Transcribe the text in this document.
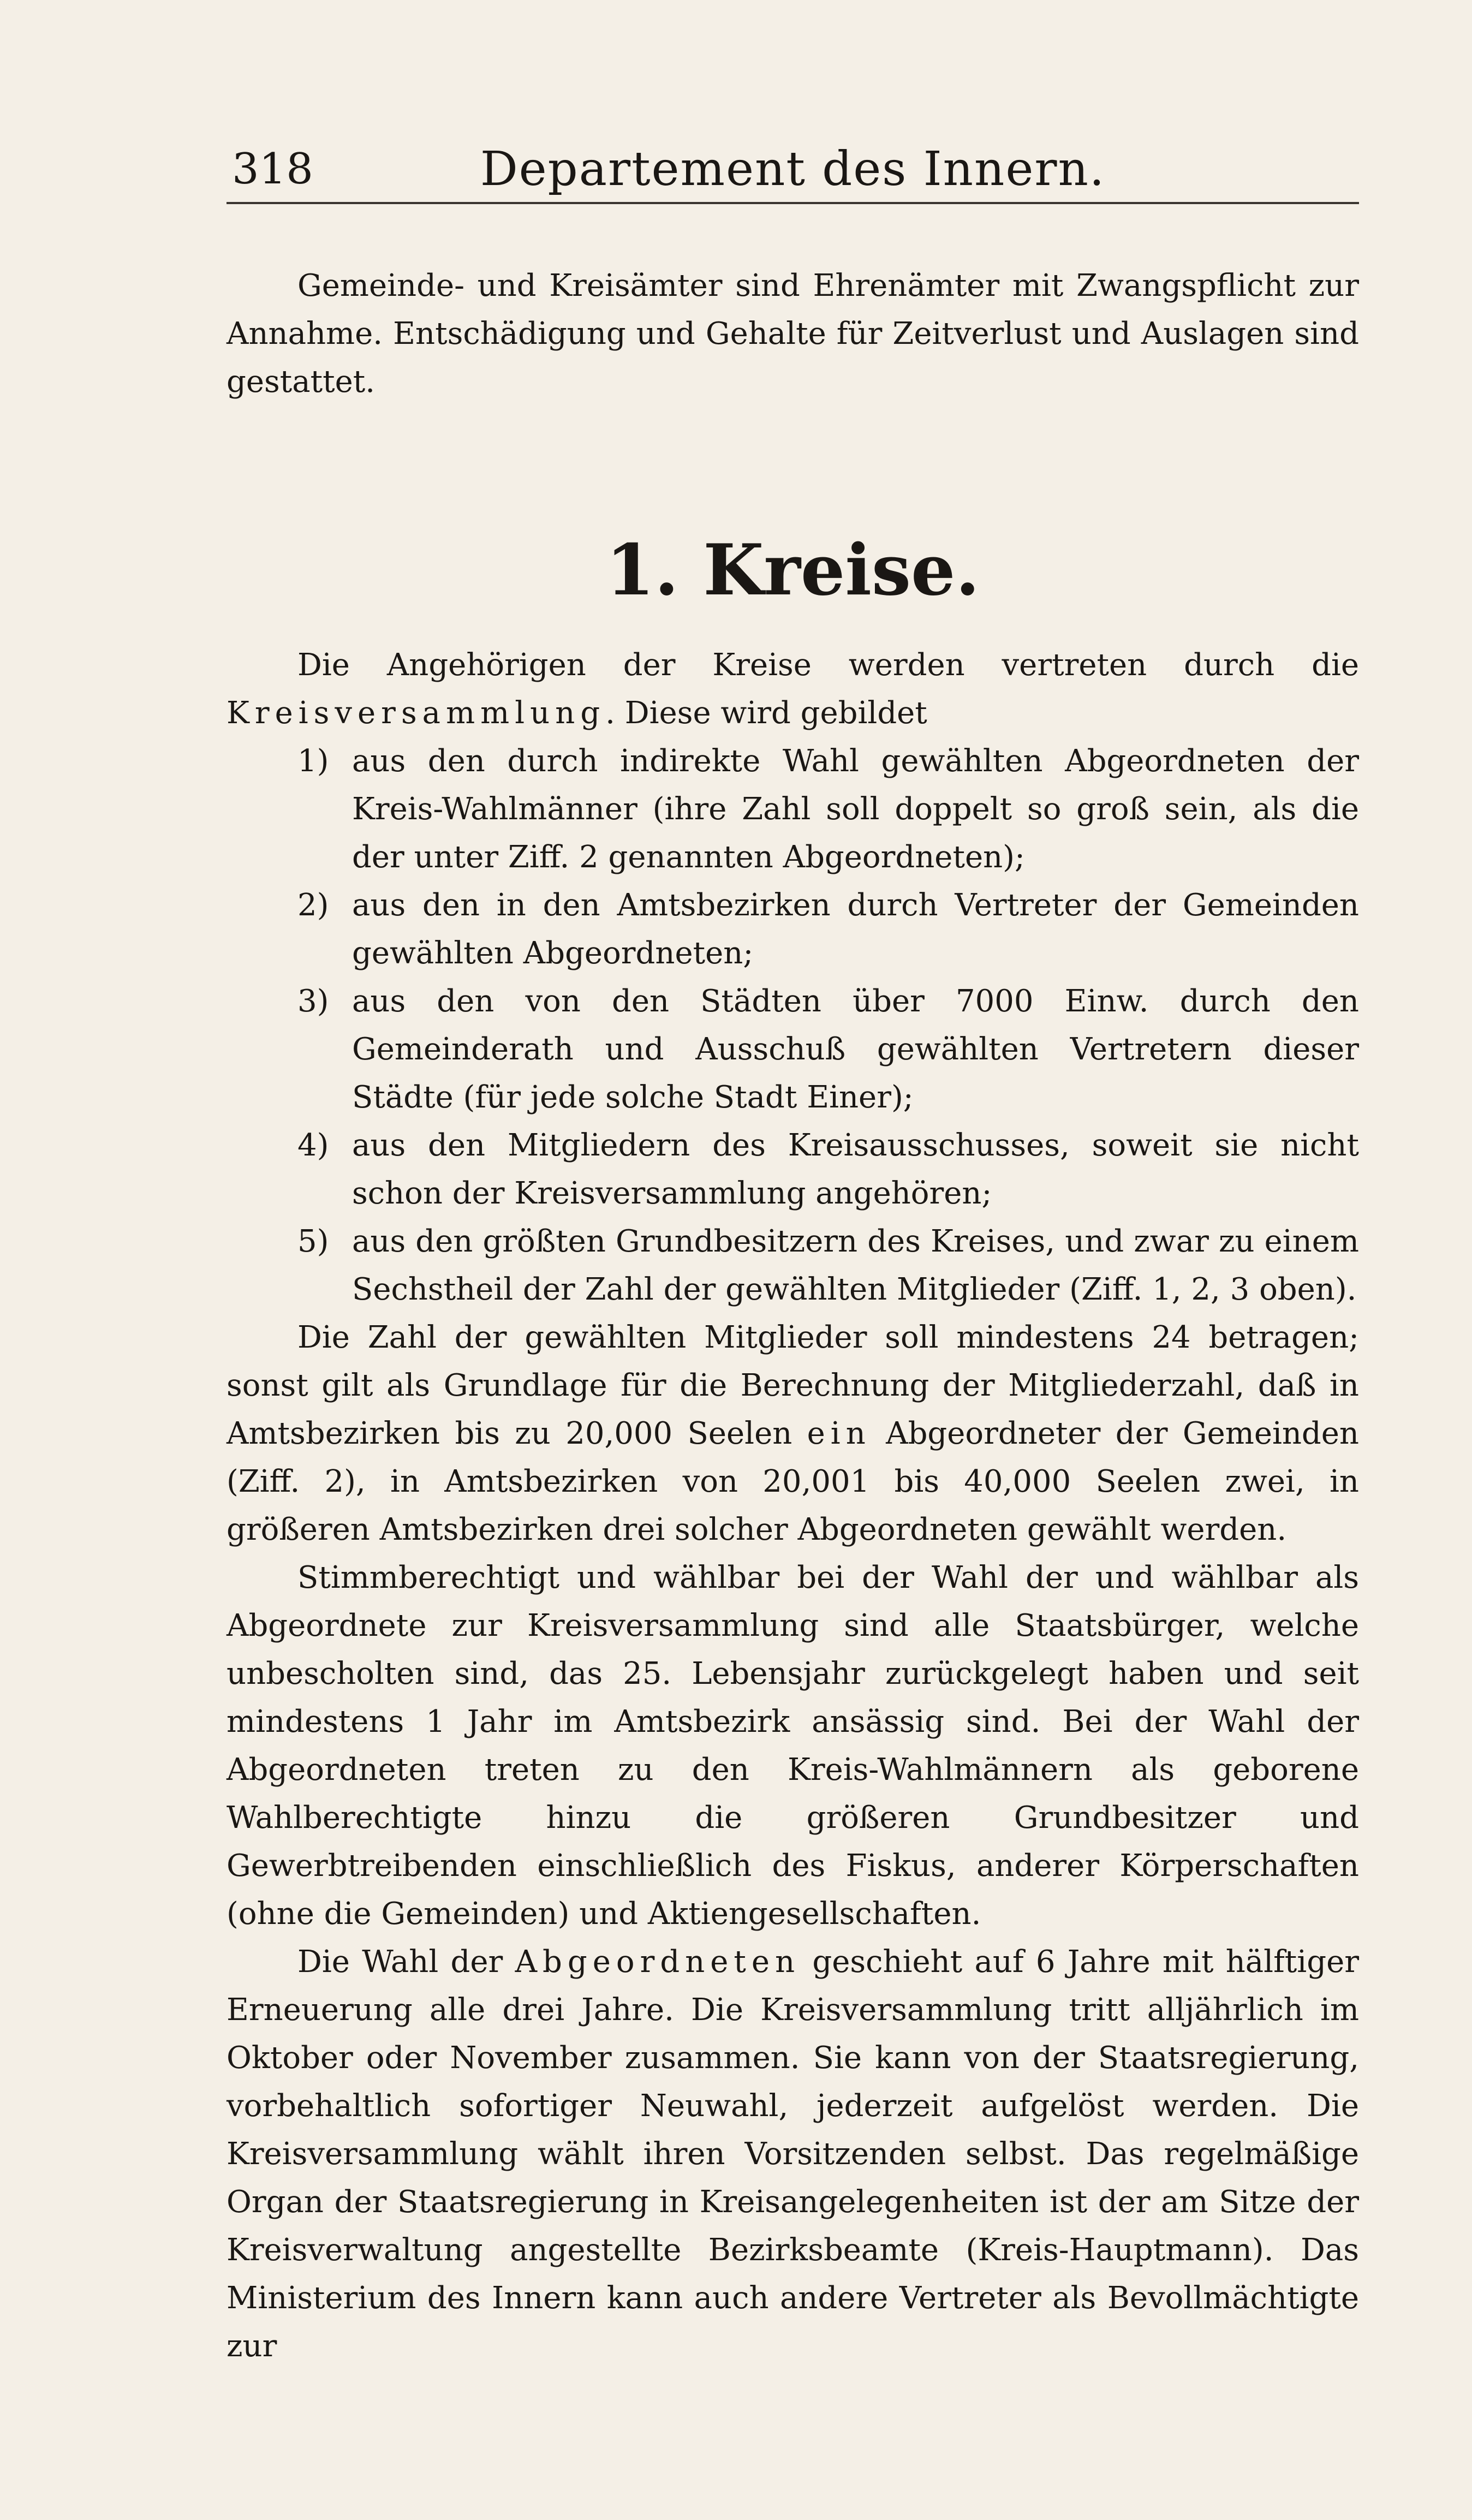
318	Departement des Innern.

Gemeinde- und Kreisämter sind Ehrenämter mit Zwangspflicht zur Annahme. Entschädigung und Gehalte für Zeitverlust und Auslagen sind gestattet.

1. Kreise.

Die Angehörigen der Kreise werden vertreten durch die Kreisversammlung. Diese wird gebildet

1) aus den durch indirekte Wahl gewählten Abgeordneten der Kreis-Wahlmänner (ihre Zahl soll doppelt so groß sein, als die der unter Ziff. 2 genannten Abgeordneten);
2) aus den in den Amtsbezirken durch Vertreter der Gemeinden gewählten Abgeordneten;
3) aus den von den Städten über 7000 Einw. durch den Gemeinderath und Ausschuß gewählten Vertretern dieser Städte (für jede solche Stadt Einer);
4) aus den Mitgliedern des Kreisausschusses, soweit sie nicht schon der Kreisversammlung angehören;
5) aus den größten Grundbesitzern des Kreises, und zwar zu einem Sechstheil der Zahl der gewählten Mitglieder (Ziff. 1, 2, 3 oben).

Die Zahl der gewählten Mitglieder soll mindestens 24 betragen; sonst gilt als Grundlage für die Berechnung der Mitgliederzahl, daß in Amtsbezirken bis zu 20,000 Seelen ein Abgeordneter der Gemeinden (Ziff. 2), in Amtsbezirken von 20,001 bis 40,000 Seelen zwei, in größeren Amtsbezirken drei solcher Abgeordneten gewählt werden.

Stimmberechtigt und wählbar bei der Wahl der und wählbar als Abgeordnete zur Kreisversammlung sind alle Staatsbürger, welche unbescholten sind, das 25. Lebensjahr zurückgelegt haben und seit mindestens 1 Jahr im Amtsbezirk ansässig sind. Bei der Wahl der Abgeordneten treten zu den Kreis-Wahlmännern als geborene Wahlberechtigte hinzu die größeren Grundbesitzer und Gewerbtreibenden einschließlich des Fiskus, anderer Körperschaften (ohne die Gemeinden) und Aktiengesellschaften.

Die Wahl der Abgeordneten geschieht auf 6 Jahre mit hälftiger Erneuerung alle drei Jahre. Die Kreisversammlung tritt alljährlich im Oktober oder November zusammen. Sie kann von der Staatsregierung, vorbehaltlich sofortiger Neuwahl, jederzeit aufgelöst werden. Die Kreisversammlung wählt ihren Vorsitzenden selbst. Das regelmäßige Organ der Staatsregierung in Kreisangelegenheiten ist der am Sitze der Kreisverwaltung angestellte Bezirksbeamte (Kreis-Hauptmann). Das Ministerium des Innern kann auch andere Vertreter als Bevollmächtigte zur
